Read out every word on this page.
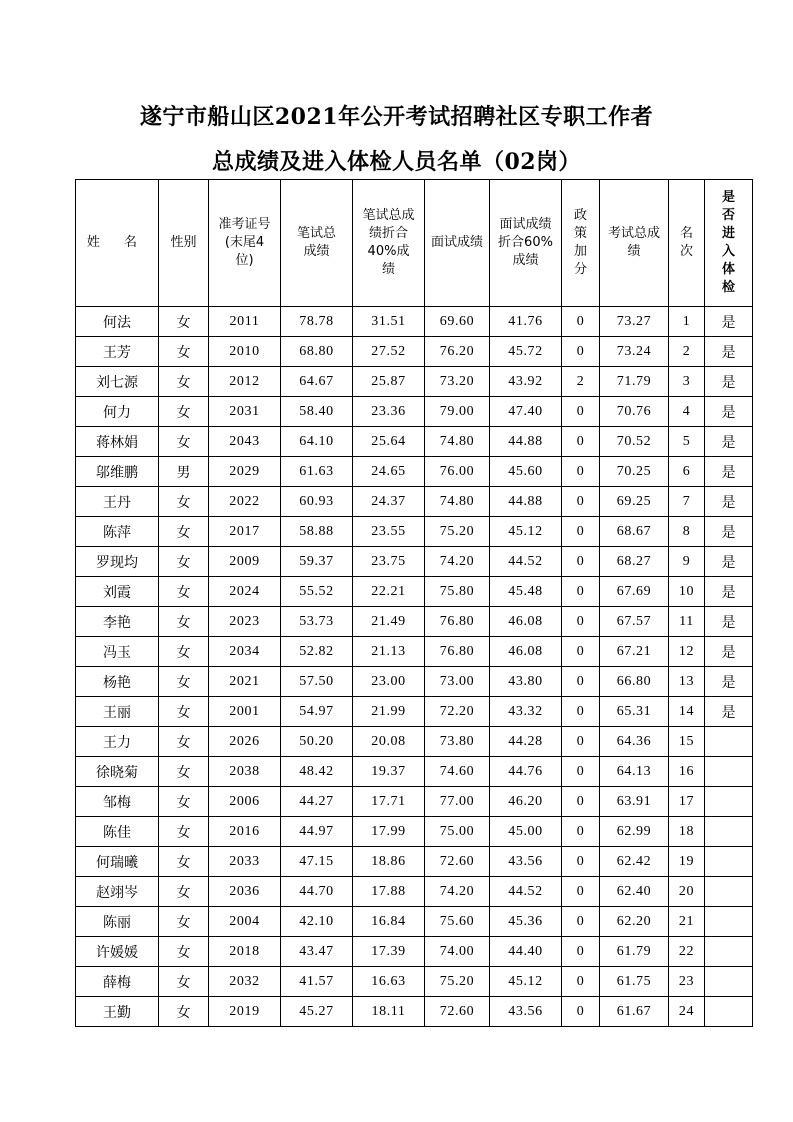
遂宁市船山区2021年公开考试招聘社区专职工作者
总成绩及进入体检人员名单（02岗）
姓 名	性别	准考证号(末尾4位)	笔试总成绩	笔试总成绩折合40%成绩	面试成绩	面试成绩折合60%成绩	政策加分	考试总成绩	名次	是否进入体检
何法	女	2011	78.78	31.51	69.60	41.76	0	73.27	1	是
王芳	女	2010	68.80	27.52	76.20	45.72	0	73.24	2	是
刘七源	女	2012	64.67	25.87	73.20	43.92	2	71.79	3	是
何力	女	2031	58.40	23.36	79.00	47.40	0	70.76	4	是
蒋林娟	女	2043	64.10	25.64	74.80	44.88	0	70.52	5	是
邬维鹏	男	2029	61.63	24.65	76.00	45.60	0	70.25	6	是
王丹	女	2022	60.93	24.37	74.80	44.88	0	69.25	7	是
陈萍	女	2017	58.88	23.55	75.20	45.12	0	68.67	8	是
罗现均	女	2009	59.37	23.75	74.20	44.52	0	68.27	9	是
刘霞	女	2024	55.52	22.21	75.80	45.48	0	67.69	10	是
李艳	女	2023	53.73	21.49	76.80	46.08	0	67.57	11	是
冯玉	女	2034	52.82	21.13	76.80	46.08	0	67.21	12	是
杨艳	女	2021	57.50	23.00	73.00	43.80	0	66.80	13	是
王丽	女	2001	54.97	21.99	72.20	43.32	0	65.31	14	是
王力	女	2026	50.20	20.08	73.80	44.28	0	64.36	15	
徐晓菊	女	2038	48.42	19.37	74.60	44.76	0	64.13	16	
邹梅	女	2006	44.27	17.71	77.00	46.20	0	63.91	17	
陈佳	女	2016	44.97	17.99	75.00	45.00	0	62.99	18	
何瑞曦	女	2033	47.15	18.86	72.60	43.56	0	62.42	19	
赵翊岑	女	2036	44.70	17.88	74.20	44.52	0	62.40	20	
陈丽	女	2004	42.10	16.84	75.60	45.36	0	62.20	21	
许媛媛	女	2018	43.47	17.39	74.00	44.40	0	61.79	22	
薛梅	女	2032	41.57	16.63	75.20	45.12	0	61.75	23	
王勤	女	2019	45.27	18.11	72.60	43.56	0	61.67	24	
